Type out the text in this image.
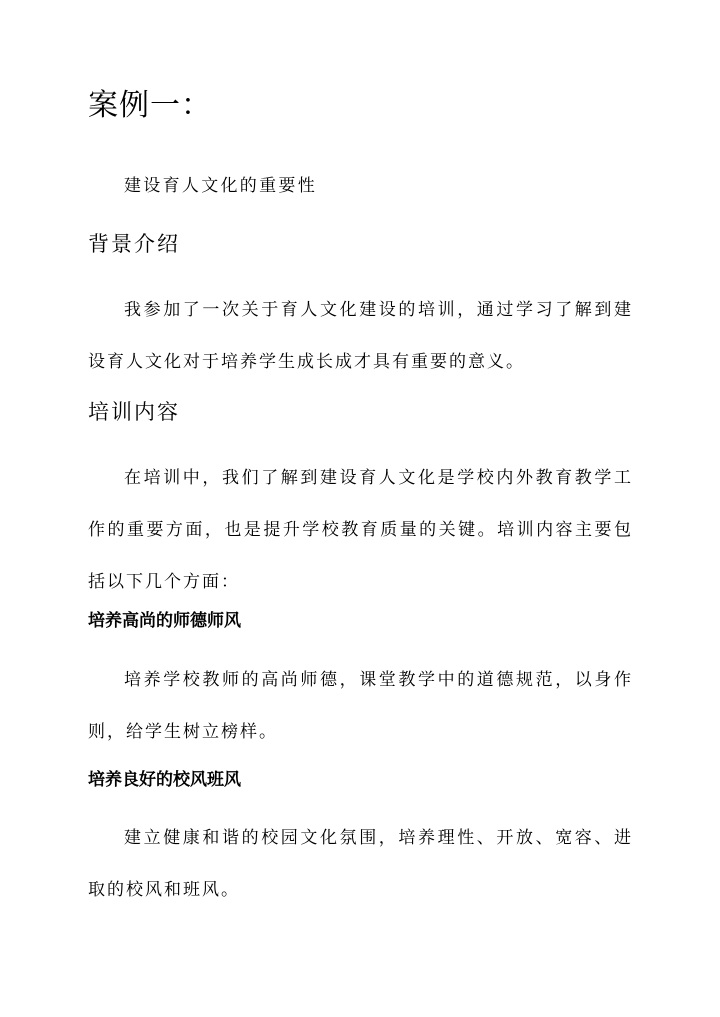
案例一：

建设育人文化的重要性

背景介绍

我参加了一次关于育人文化建设的培训，通过学习了解到建设育人文化对于培养学生成长成才具有重要的意义。

培训内容

在培训中，我们了解到建设育人文化是学校内外教育教学工作的重要方面，也是提升学校教育质量的关键。培训内容主要包括以下几个方面：

培养高尚的师德师风

培养学校教师的高尚师德，课堂教学中的道德规范，以身作则，给学生树立榜样。

培养良好的校风班风

建立健康和谐的校园文化氛围，培养理性、开放、宽容、进取的校风和班风。
